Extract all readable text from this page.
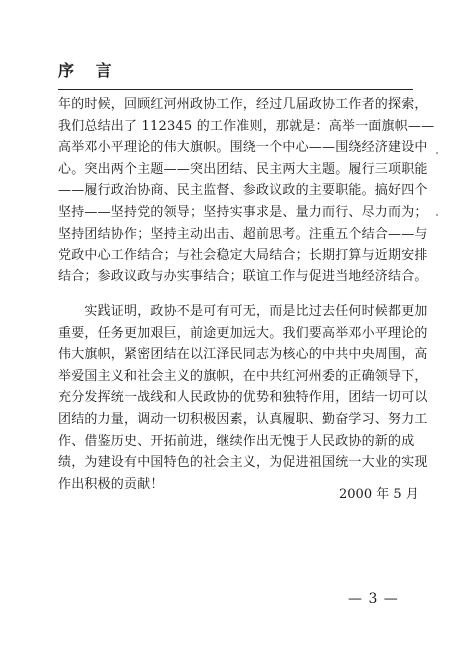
序 言
年的时候，回顾红河州政协工作，经过几届政协工作者的探索，
我们总结出了 112345 的工作准则，那就是：高举一面旗帜——
高举邓小平理论的伟大旗帜。围绕一个中心——围绕经济建设中
心。突出两个主题——突出团结、民主两大主题。履行三项职能
——履行政治协商、民主监督、参政议政的主要职能。搞好四个
坚持——坚持党的领导；坚持实事求是、量力而行、尽力而为；
坚持团结协作；坚持主动出击、超前思考。注重五个结合——与
党政中心工作结合；与社会稳定大局结合；长期打算与近期安排
结合；参政议政与办实事结合；联谊工作与促进当地经济结合。
　　实践证明，政协不是可有可无，而是比过去任何时候都更加
重要，任务更加艰巨，前途更加远大。我们要高举邓小平理论的
伟大旗帜，紧密团结在以江泽民同志为核心的中共中央周围，高
举爱国主义和社会主义的旗帜，在中共红河州委的正确领导下，
充分发挥统一战线和人民政协的优势和独特作用，团结一切可以
团结的力量，调动一切积极因素，认真履职、勤奋学习、努力工
作、借鉴历史、开拓前进，继续作出无愧于人民政协的新的成
绩，为建设有中国特色的社会主义，为促进祖国统一大业的实现
作出积极的贡献！
2000 年 5 月
— 3 —
